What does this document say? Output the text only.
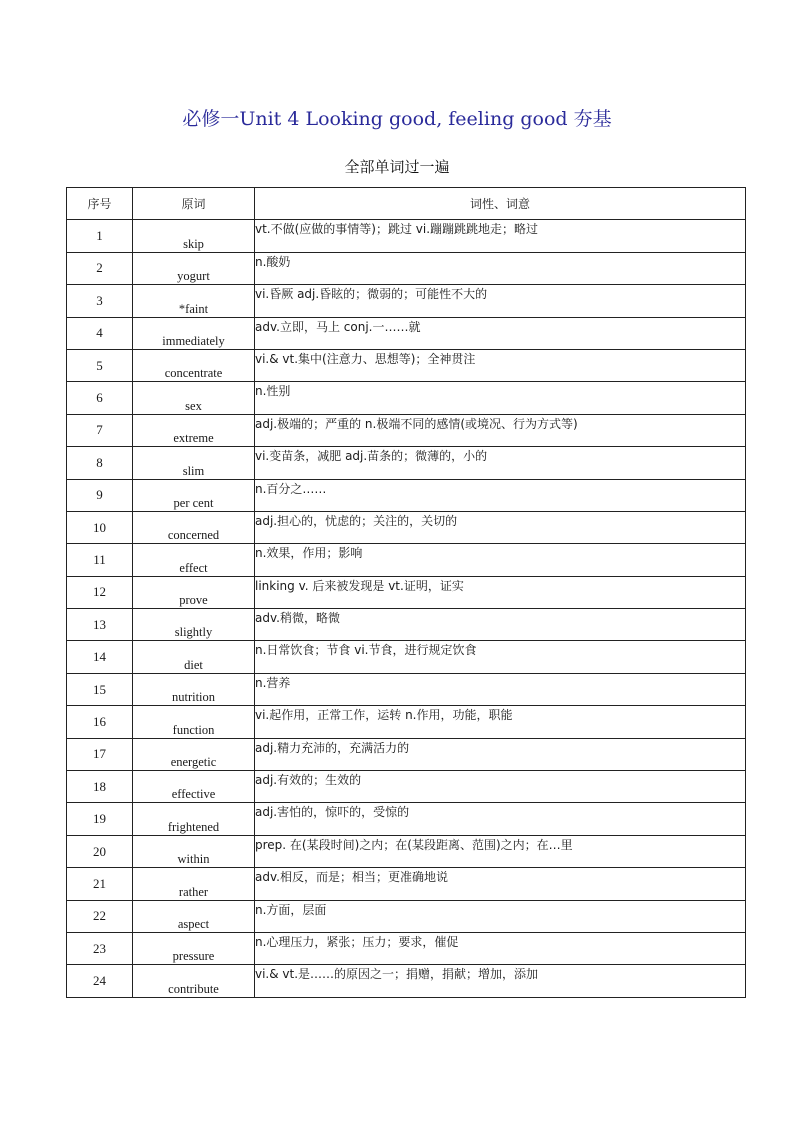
必修一Unit 4 Looking good, feeling good 夯基
全部单词过一遍
序号	原词	词性、词意
1	skip	vt.不做(应做的事情等)；跳过 vi.蹦蹦跳跳地走；略过
2	yogurt	n.酸奶
3	*faint	vi.昏厥 adj.昏眩的；微弱的；可能性不大的
4	immediately	adv.立即，马上 conj.一……就
5	concentrate	vi.& vt.集中(注意力、思想等)；全神贯注
6	sex	n.性别
7	extreme	adj.极端的；严重的 n.极端不同的感情(或境况、行为方式等)
8	slim	vi.变苗条，减肥 adj.苗条的；微薄的，小的
9	per cent	n.百分之……
10	concerned	adj.担心的，忧虑的；关注的，关切的
11	effect	n.效果，作用；影响
12	prove	linking v. 后来被发现是 vt.证明，证实
13	slightly	adv.稍微，略微
14	diet	n.日常饮食；节食 vi.节食，进行规定饮食
15	nutrition	n.营养
16	function	vi.起作用，正常工作，运转 n.作用，功能，职能
17	energetic	adj.精力充沛的，充满活力的
18	effective	adj.有效的；生效的
19	frightened	adj.害怕的，惊吓的，受惊的
20	within	prep. 在(某段时间)之内；在(某段距离、范围)之内；在…里
21	rather	adv.相反，而是；相当；更准确地说
22	aspect	n.方面，层面
23	pressure	n.心理压力，紧张；压力；要求，催促
24	contribute	vi.& vt.是……的原因之一；捐赠，捐献；增加，添加
